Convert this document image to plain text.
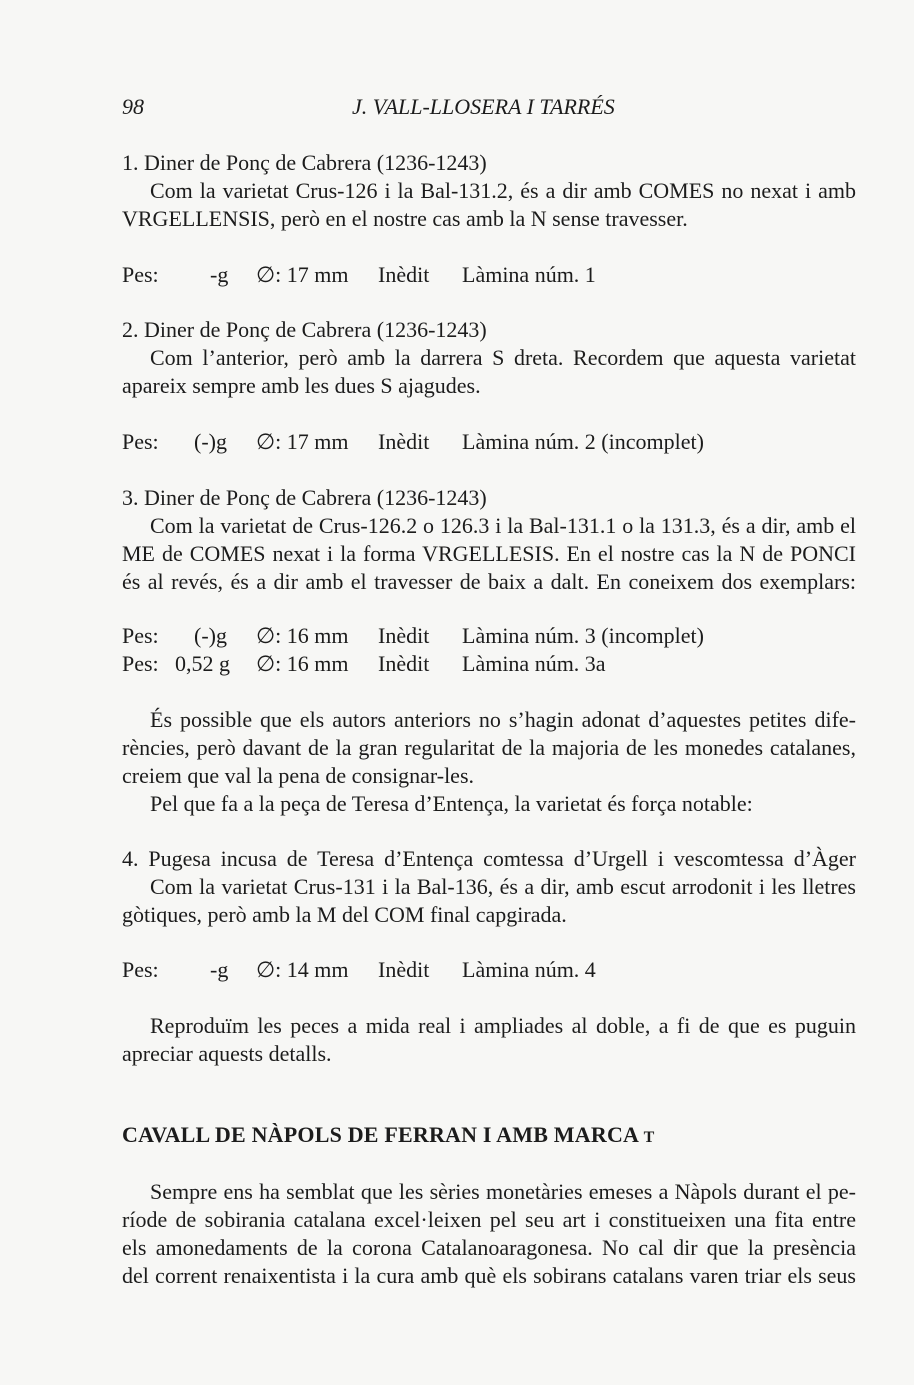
98	J. VALL-LLOSERA I TARRÉS
1. Diner de Ponç de Cabrera (1236-1243)
Com la varietat Crus-126 i la Bal-131.2, és a dir amb COMES no nexat i amb
VRGELLENSIS, però en el nostre cas amb la N sense travesser.
Pes: -g ∅: 17 mm Inèdit Làmina núm. 1
2. Diner de Ponç de Cabrera (1236-1243)
Com l’anterior, però amb la darrera S dreta. Recordem que aquesta varietat
apareix sempre amb les dues S ajagudes.
Pes: (-)g ∅: 17 mm Inèdit Làmina núm. 2 (incomplet)
3. Diner de Ponç de Cabrera (1236-1243)
Com la varietat de Crus-126.2 o 126.3 i la Bal-131.1 o la 131.3, és a dir, amb el
ME de COMES nexat i la forma VRGELLESIS. En el nostre cas la N de PONCI
és al revés, és a dir amb el travesser de baix a dalt. En coneixem dos exemplars:
Pes: (-)g ∅: 16 mm Inèdit Làmina núm. 3 (incomplet)
Pes: 0,52 g ∅: 16 mm Inèdit Làmina núm. 3a
És possible que els autors anteriors no s’hagin adonat d’aquestes petites dife-
rències, però davant de la gran regularitat de la majoria de les monedes catalanes,
creiem que val la pena de consignar-les.
Pel que fa a la peça de Teresa d’Entença, la varietat és força notable:
4. Pugesa incusa de Teresa d’Entença comtessa d’Urgell i vescomtessa d’Àger
Com la varietat Crus-131 i la Bal-136, és a dir, amb escut arrodonit i les lletres
gòtiques, però amb la M del COM final capgirada.
Pes: -g ∅: 14 mm Inèdit Làmina núm. 4
Reproduïm les peces a mida real i ampliades al doble, a fi de que es puguin
apreciar aquests detalls.
CAVALL DE NÀPOLS DE FERRAN I AMB MARCA T
Sempre ens ha semblat que les sèries monetàries emeses a Nàpols durant el pe-
ríode de sobirania catalana excel·leixen pel seu art i constitueixen una fita entre
els amonedaments de la corona Catalanoaragonesa. No cal dir que la presència
del corrent renaixentista i la cura amb què els sobirans catalans varen triar els seus
